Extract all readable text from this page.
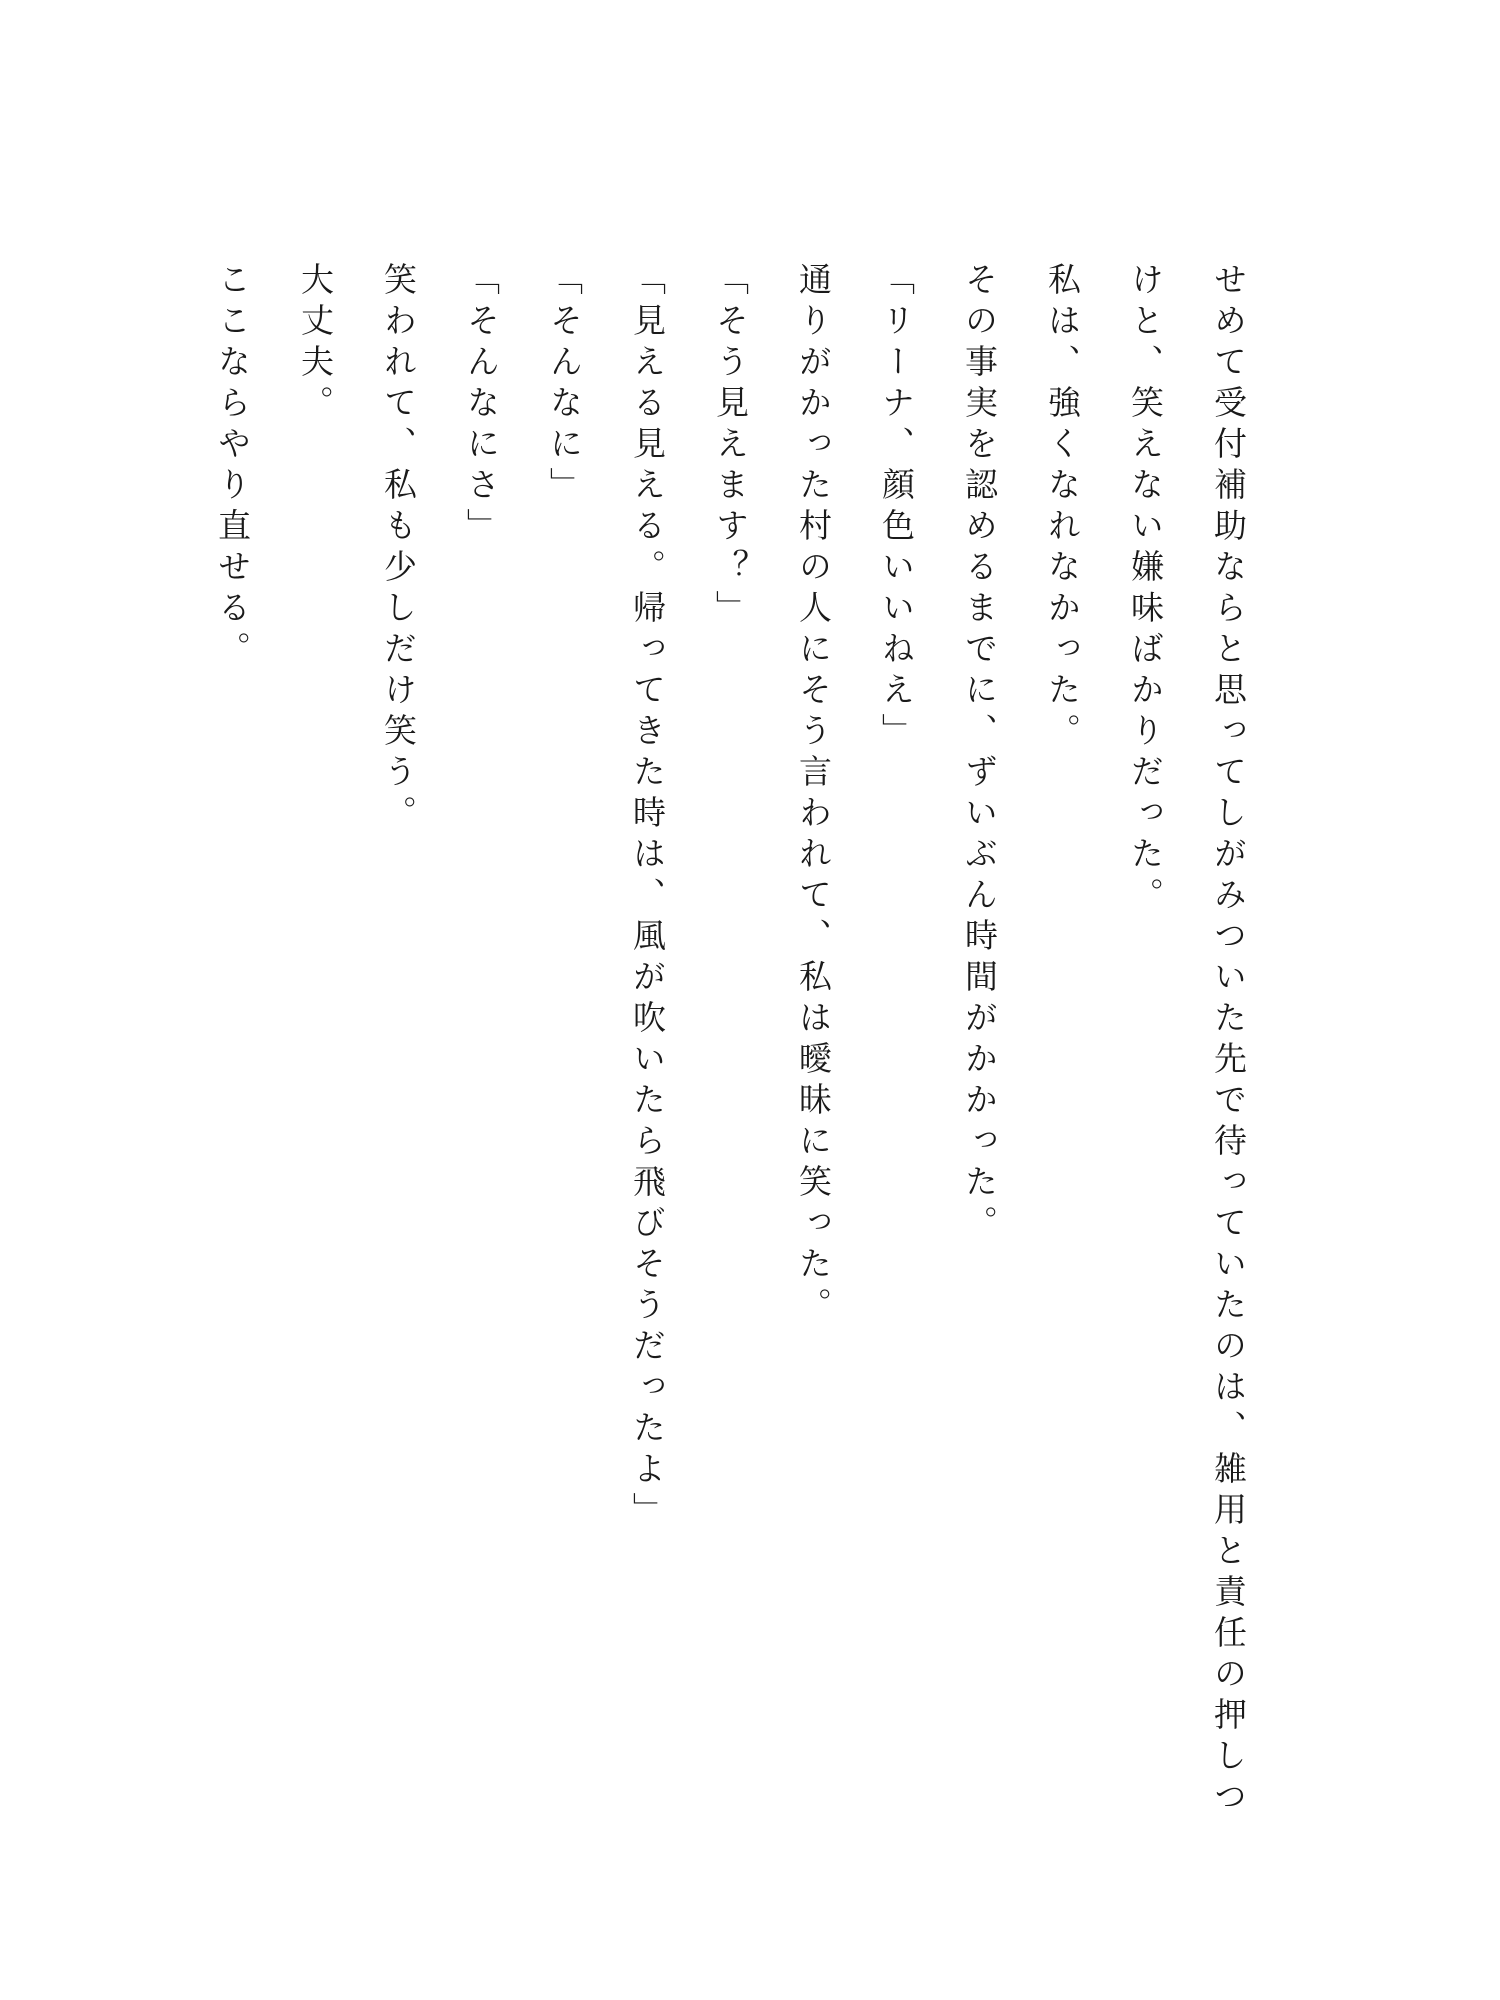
せめて受付補助ならと思ってしがみついた先で待っていたのは、雑用と責任の押しつけと、笑えない嫌味ばかりだった。

私は、強くなれなかった。

その事実を認めるまでに、ずいぶん時間がかかった。

「リーナ、顔色いいねえ」

通りがかった村の人にそう言われて、私は曖昧に笑った。

「そう見えます？」

「見える見える。帰ってきた時は、風が吹いたら飛びそうだったよ」

「そんなに」

「そんなにさ」

笑われて、私も少しだけ笑う。

大丈夫。

ここならやり直せる。
